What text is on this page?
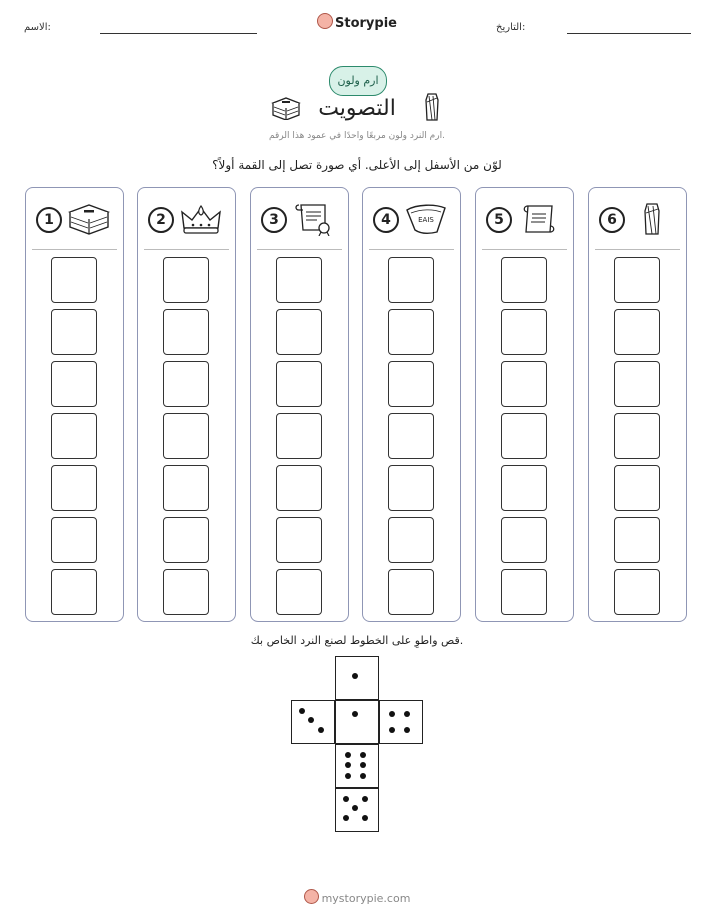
الاسم:	Storypie	التاريخ:
ارم ولون
التصويت
ارم النرد ولون مربعًا واحدًا في عمود هذا الرقم.
لوّن من الأسفل إلى الأعلى. أي صورة تصل إلى القمة أولاً؟
1	2	3	4	EAIS	5	6
قص واطوِ على الخطوط لصنع النرد الخاص بك.
mystorypie.com
